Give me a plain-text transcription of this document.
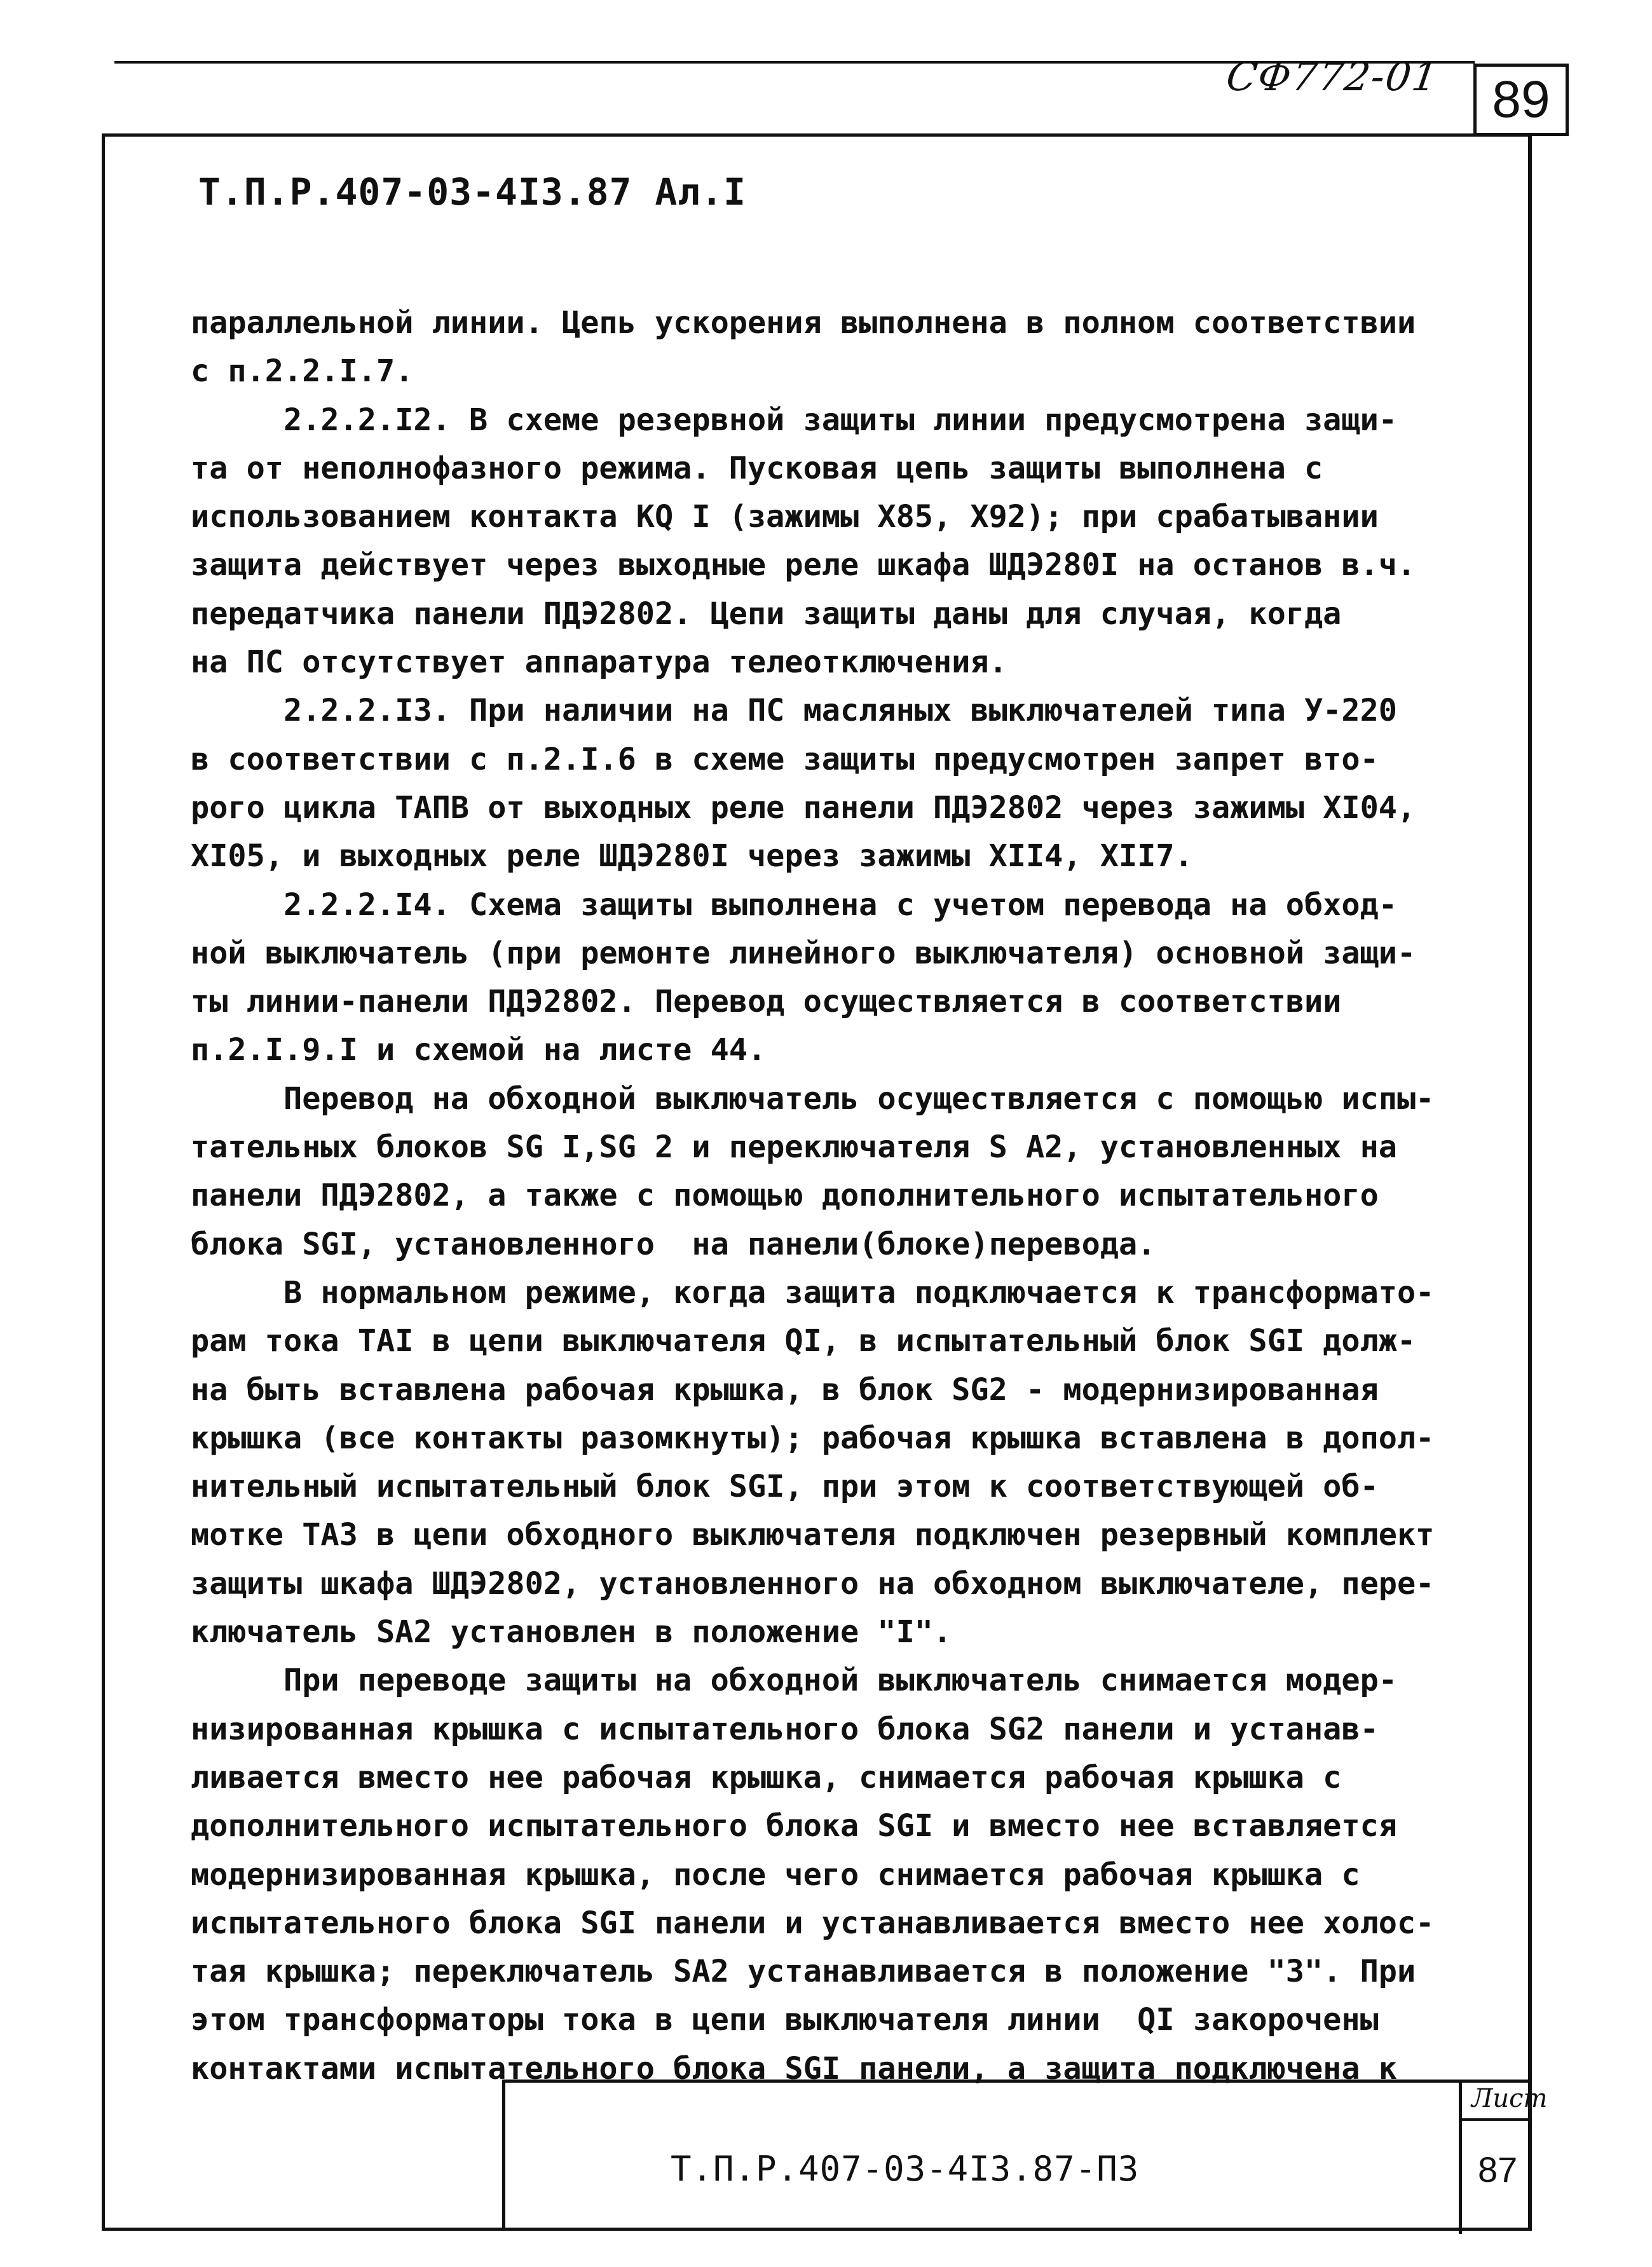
СФ772-01 89
Т.П.Р.407-03-4I3.87 Ал.I
параллельной линии. Цепь ускорения выполнена в полном соответствии
с п.2.2.I.7.
2.2.2.I2. В схеме резервной защиты линии предусмотрена защи-
та от неполнофазного режима. Пусковая цепь защиты выполнена с
использованием контакта КQ I (зажимы X85, X92); при срабатывании
защита действует через выходные реле шкафа ШДЭ280I на останов в.ч.
передатчика панели ПДЭ2802. Цепи защиты даны для случая, когда
на ПС отсутствует аппаратура телеотключения.
2.2.2.I3. При наличии на ПС масляных выключателей типа У-220
в соответствии с п.2.I.6 в схеме защиты предусмотрен запрет вто-
рого цикла ТАПВ от выходных реле панели ПДЭ2802 через зажимы XI04,
XI05, и выходных реле ШДЭ280I через зажимы XII4, XII7.
2.2.2.I4. Схема защиты выполнена с учетом перевода на обход-
ной выключатель (при ремонте линейного выключателя) основной защи-
ты линии-панели ПДЭ2802. Перевод осуществляется в соответствии
п.2.I.9.I и схемой на листе 44.
Перевод на обходной выключатель осуществляется с помощью испы-
тательных блоков SG I,SG 2 и переключателя S A2, установленных на
панели ПДЭ2802, а также с помощью дополнительного испытательного
блока SGI, установленного  на панели(блоке)перевода.
В нормальном режиме, когда защита подключается к трансформато-
рам тока ТАI в цепи выключателя QI, в испытательный блок SGI долж-
на быть вставлена рабочая крышка, в блок SG2 - модернизированная
крышка (все контакты разомкнуты); рабочая крышка вставлена в допол-
нительный испытательный блок SGI, при этом к соответствующей об-
мотке ТА3 в цепи обходного выключателя подключен резервный комплект
защиты шкафа ШДЭ2802, установленного на обходном выключателе, пере-
ключатель SA2 установлен в положение "I".
При переводе защиты на обходной выключатель снимается модер-
низированная крышка с испытательного блока SG2 панели и устанав-
ливается вместо нее рабочая крышка, снимается рабочая крышка с
дополнительного испытательного блока SGI и вместо нее вставляется
модернизированная крышка, после чего снимается рабочая крышка с
испытательного блока SGI панели и устанавливается вместо нее холос-
тая крышка; переключатель SA2 устанавливается в положение "3". При
этом трансформаторы тока в цепи выключателя линии  QI закорочены
контактами испытательного блока SGI панели, а защита подключена к
Т.П.Р.407-03-4I3.87-ПЗ
Лист
87
